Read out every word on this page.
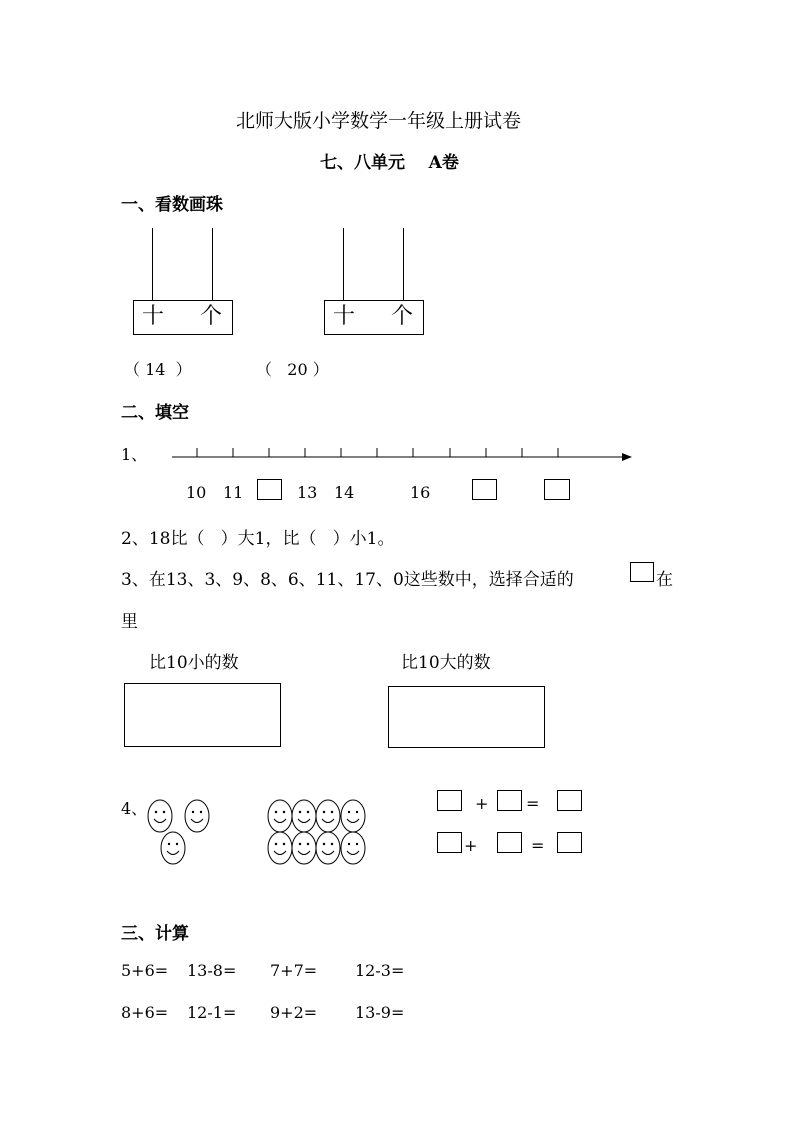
北师大版小学数学一年级上册试卷
七、八单元    A卷
一、看数画珠
十 个	十 个
（ 14  ）	（   20 ）
二、填空
1、
10 11	13 14	16
2、18比（   ）大1，比（   ）小1。
3、在13、3、9、8、6、11、17、0这些数中，选择合适的	在
里
比10小的数	比10大的数
4、	+ =
+	=
三、计算
5+6= 13-8= 7+7= 12-3=
8+6= 12-1= 9+2= 13-9=
